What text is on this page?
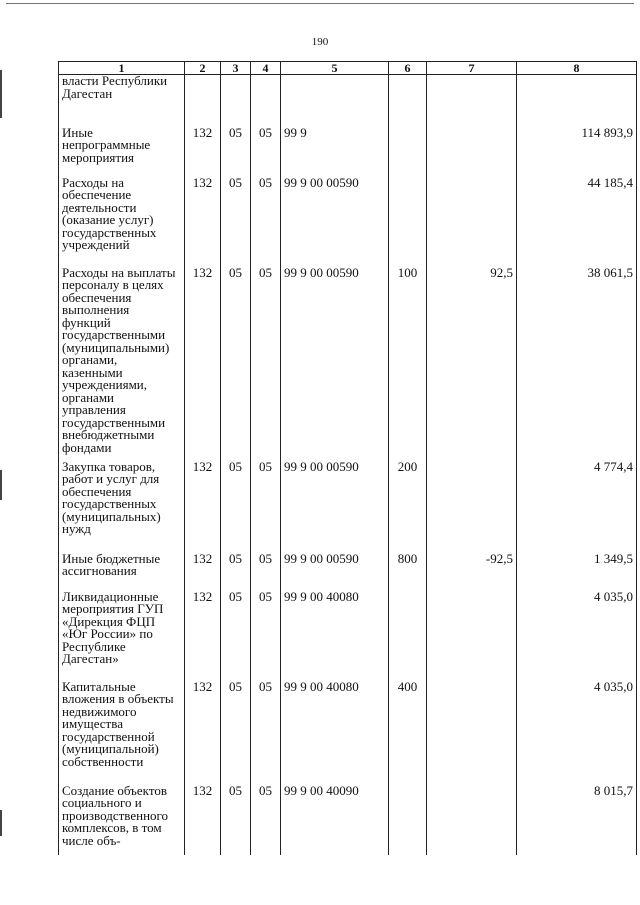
190
1	2	3	4	5	6	7	8
власти Республики Дагестан							
Иные непрограммные мероприятия	132	05	05	99 9			114 893,9
Расходы на обеспечение деятельности (оказание услуг) государственных учреждений	132	05	05	99 9 00 00590			44 185,4
Расходы на выплаты персоналу в целях обеспечения выполнения функций государственными (муниципальными) органами, казенными учреждениями, органами управления государственными внебюджетными фондами	132	05	05	99 9 00 00590	100	92,5	38 061,5
Закупка товаров, работ и услуг для обеспечения государственных (муниципальных) нужд	132	05	05	99 9 00 00590	200		4 774,4
Иные бюджетные ассигнования	132	05	05	99 9 00 00590	800	-92,5	1 349,5
Ликвидационные мероприятия ГУП «Дирекция ФЦП «Юг России» по Республике Дагестан»	132	05	05	99 9 00 40080			4 035,0
Капитальные вложения в объекты недвижимого имущества государственной (муниципальной) собственности	132	05	05	99 9 00 40080	400		4 035,0
Создание объектов социального и производственного комплексов, в том числе объ-	132	05	05	99 9 00 40090			8 015,7
